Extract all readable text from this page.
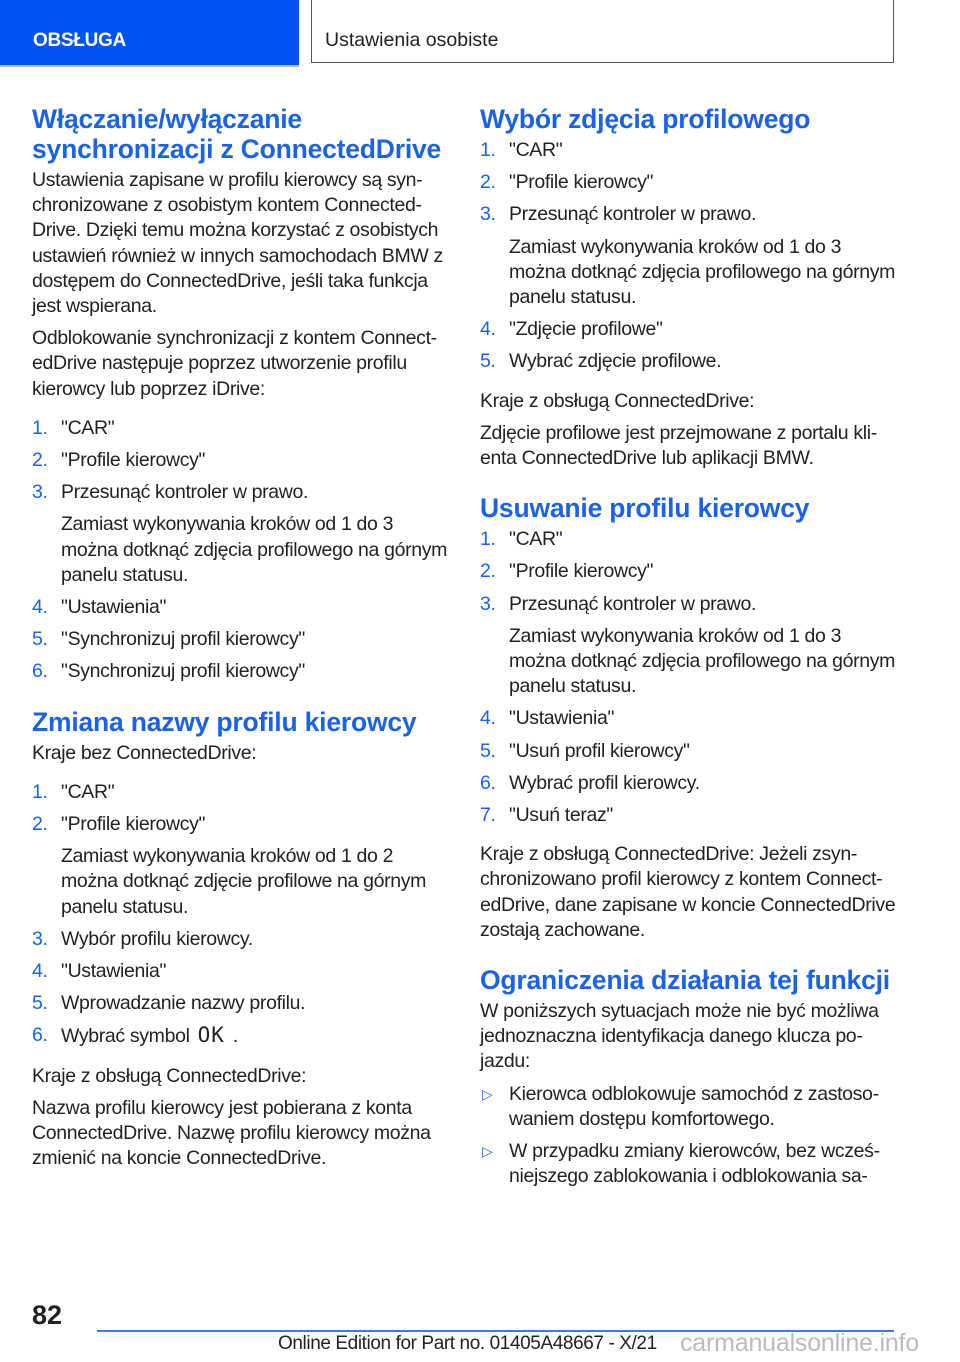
OBSŁUGA	Ustawienia osobiste
Włączanie/wyłączanie synchronizacji z ConnectedDrive
Ustawienia zapisane w profilu kierowcy są synchronizowane z osobistym kontem ConnectedDrive. Dzięki temu można korzystać z osobistych ustawień również w innych samochodach BMW z dostępem do ConnectedDrive, jeśli taka funkcja jest wspierana.
Odblokowanie synchronizacji z kontem ConnectedDrive następuje poprzez utworzenie profilu kierowcy lub poprzez iDrive:
1. "CAR"
2. "Profile kierowcy"
3. Przesunąć kontroler w prawo.
Zamiast wykonywania kroków od 1 do 3 można dotknąć zdjęcia profilowego na górnym panelu statusu.
4. "Ustawienia"
5. "Synchronizuj profil kierowcy"
6. "Synchronizuj profil kierowcy"
Zmiana nazwy profilu kierowcy
Kraje bez ConnectedDrive:
1. "CAR"
2. "Profile kierowcy"
Zamiast wykonywania kroków od 1 do 2 można dotknąć zdjęcie profilowe na górnym panelu statusu.
3. Wybór profilu kierowcy.
4. "Ustawienia"
5. Wprowadzanie nazwy profilu.
6. Wybrać symbol OK .
Kraje z obsługą ConnectedDrive:
Nazwa profilu kierowcy jest pobierana z konta ConnectedDrive. Nazwę profilu kierowcy można zmienić na koncie ConnectedDrive.
Wybór zdjęcia profilowego
1. "CAR"
2. "Profile kierowcy"
3. Przesunąć kontroler w prawo.
Zamiast wykonywania kroków od 1 do 3 można dotknąć zdjęcia profilowego na górnym panelu statusu.
4. "Zdjęcie profilowe"
5. Wybrać zdjęcie profilowe.
Kraje z obsługą ConnectedDrive:
Zdjęcie profilowe jest przejmowane z portalu klienta ConnectedDrive lub aplikacji BMW.
Usuwanie profilu kierowcy
1. "CAR"
2. "Profile kierowcy"
3. Przesunąć kontroler w prawo.
Zamiast wykonywania kroków od 1 do 3 można dotknąć zdjęcia profilowego na górnym panelu statusu.
4. "Ustawienia"
5. "Usuń profil kierowcy"
6. Wybrać profil kierowcy.
7. "Usuń teraz"
Kraje z obsługą ConnectedDrive: Jeżeli zsynchronizowano profil kierowcy z kontem ConnectedDrive, dane zapisane w koncie ConnectedDrive zostają zachowane.
Ograniczenia działania tej funkcji
W poniższych sytuacjach może nie być możliwa jednoznaczna identyfikacja danego klucza pojazdu:
▷ Kierowca odblokowuje samochód z zastosowaniem dostępu komfortowego.
▷ W przypadku zmiany kierowców, bez wcześniejszego zablokowania i odblokowania sa-
82
Online Edition for Part no. 01405A48667 - X/21 carmanualsonline.info
